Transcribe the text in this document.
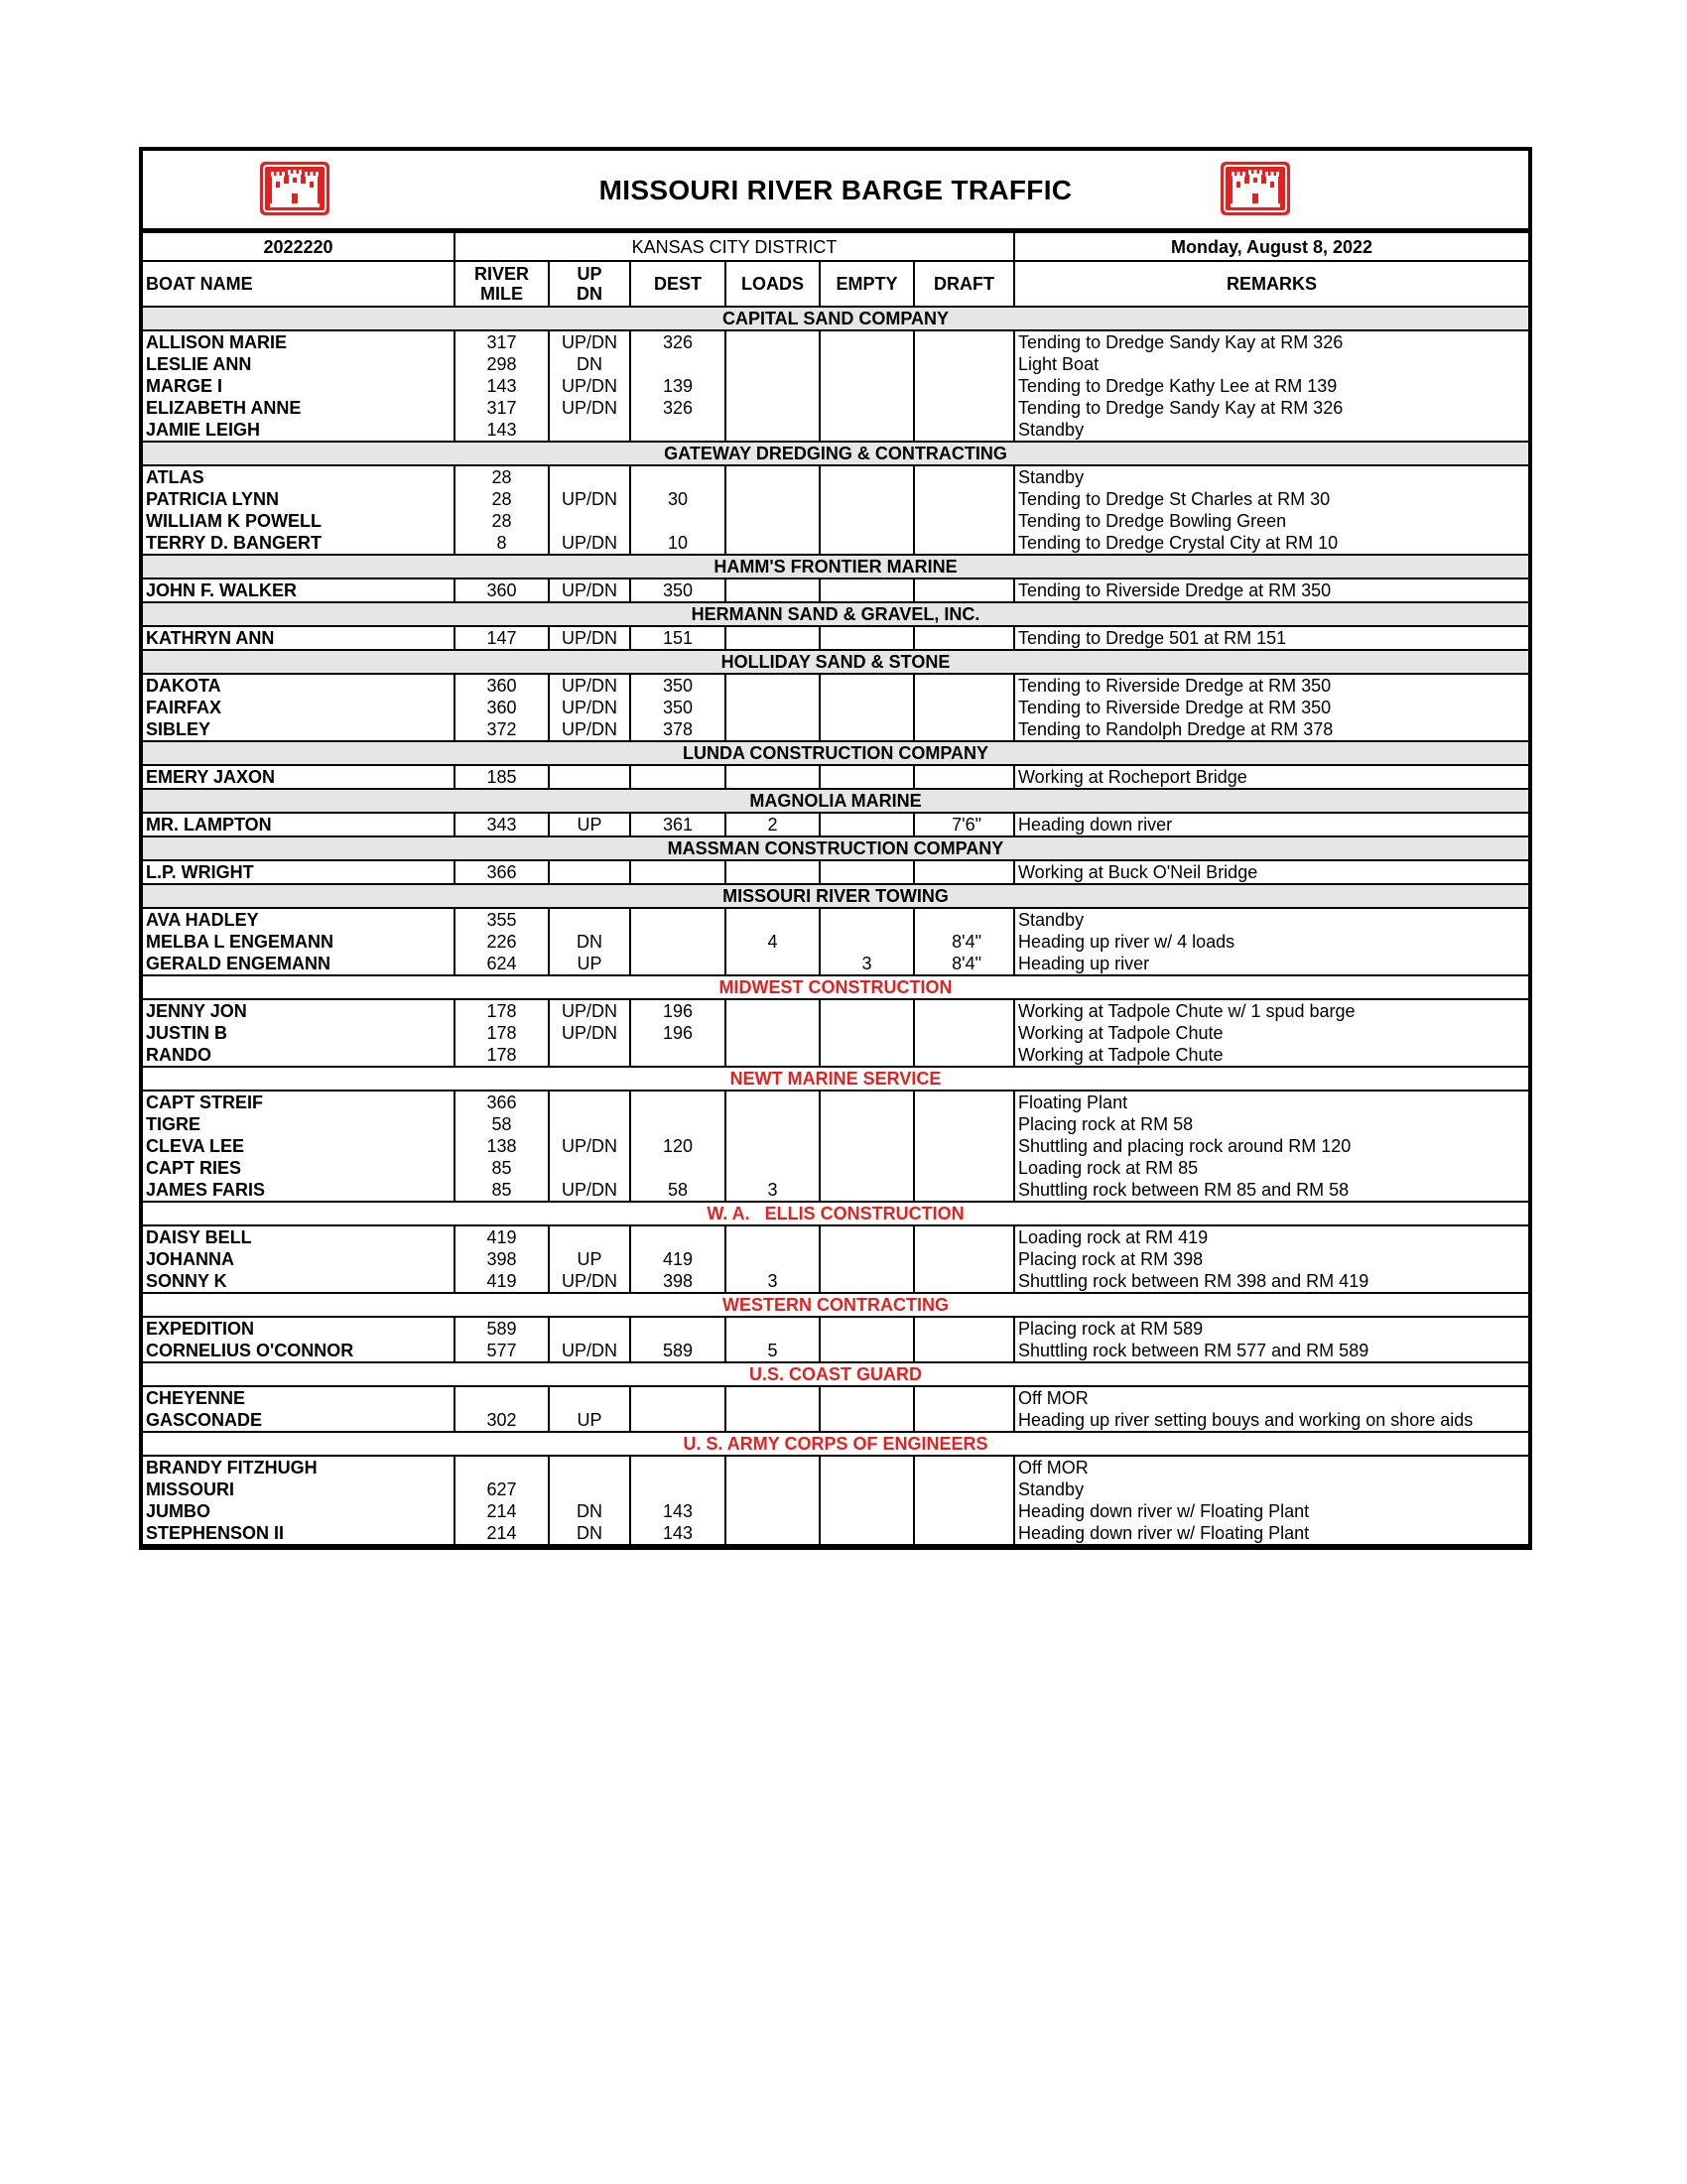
MISSOURI RIVER BARGE TRAFFIC
2022220	KANSAS CITY DISTRICT						Monday, August 8, 2022
BOAT NAME	RIVER
MILE	UP
DN	DEST	LOADS	EMPTY	DRAFT	REMARKS
CAPITAL SAND COMPANY							
ALLISON MARIE	317	UP/DN	326				Tending to Dredge Sandy Kay at RM 326
LESLIE ANN	298	DN					Light Boat
MARGE I	143	UP/DN	139				Tending to Dredge Kathy Lee at RM 139
ELIZABETH ANNE	317	UP/DN	326				Tending to Dredge Sandy Kay at RM 326
JAMIE LEIGH	143						Standby
GATEWAY DREDGING & CONTRACTING							
ATLAS	28						Standby
PATRICIA LYNN	28	UP/DN	30				Tending to Dredge St Charles at RM 30
WILLIAM K POWELL	28						Tending to Dredge Bowling Green
TERRY D. BANGERT	8	UP/DN	10				Tending to Dredge Crystal City at RM 10
HAMM'S FRONTIER MARINE							
JOHN F. WALKER	360	UP/DN	350				Tending to Riverside Dredge at RM 350
HERMANN SAND & GRAVEL, INC.							
KATHRYN ANN	147	UP/DN	151				Tending to Dredge 501 at RM 151
HOLLIDAY SAND & STONE							
DAKOTA	360	UP/DN	350				Tending to Riverside Dredge at RM 350
FAIRFAX	360	UP/DN	350				Tending to Riverside Dredge at RM 350
SIBLEY	372	UP/DN	378				Tending to Randolph Dredge at RM 378
LUNDA CONSTRUCTION COMPANY							
EMERY JAXON	185						Working at Rocheport Bridge
MAGNOLIA MARINE							
MR. LAMPTON	343	UP	361	2		7'6"	Heading down river
MASSMAN CONSTRUCTION COMPANY							
L.P. WRIGHT	366						Working at Buck O'Neil Bridge
MISSOURI RIVER TOWING							
AVA HADLEY	355						Standby
MELBA L ENGEMANN	226	DN		4		8'4"	Heading up river w/ 4 loads
GERALD ENGEMANN	624	UP			3	8'4"	Heading up river
MIDWEST CONSTRUCTION							
JENNY JON	178	UP/DN	196				Working at Tadpole Chute w/ 1 spud barge
JUSTIN B	178	UP/DN	196				Working at Tadpole Chute
RANDO	178						Working at Tadpole Chute
NEWT MARINE SERVICE							
CAPT STREIF	366						Floating Plant
TIGRE	58						Placing rock at RM 58
CLEVA LEE	138	UP/DN	120				Shuttling and placing rock around RM 120
CAPT RIES	85						Loading rock at RM 85
JAMES FARIS	85	UP/DN	58	3			Shuttling rock between RM 85 and RM 58
W. A.   ELLIS CONSTRUCTION							
DAISY BELL	419						Loading rock at RM 419
JOHANNA	398	UP	419				Placing rock at RM 398
SONNY K	419	UP/DN	398	3			Shuttling rock between RM 398 and RM 419
WESTERN CONTRACTING							
EXPEDITION	589						Placing rock at RM 589
CORNELIUS O'CONNOR	577	UP/DN	589	5			Shuttling rock between RM 577 and RM 589
U.S. COAST GUARD							
CHEYENNE							Off MOR
GASCONADE	302	UP					Heading up river setting bouys and working on shore aids
U. S. ARMY CORPS OF ENGINEERS							
BRANDY FITZHUGH							Off MOR
MISSOURI	627						Standby
JUMBO	214	DN	143				Heading down river w/ Floating Plant
STEPHENSON II	214	DN	143				Heading down river w/ Floating Plant
